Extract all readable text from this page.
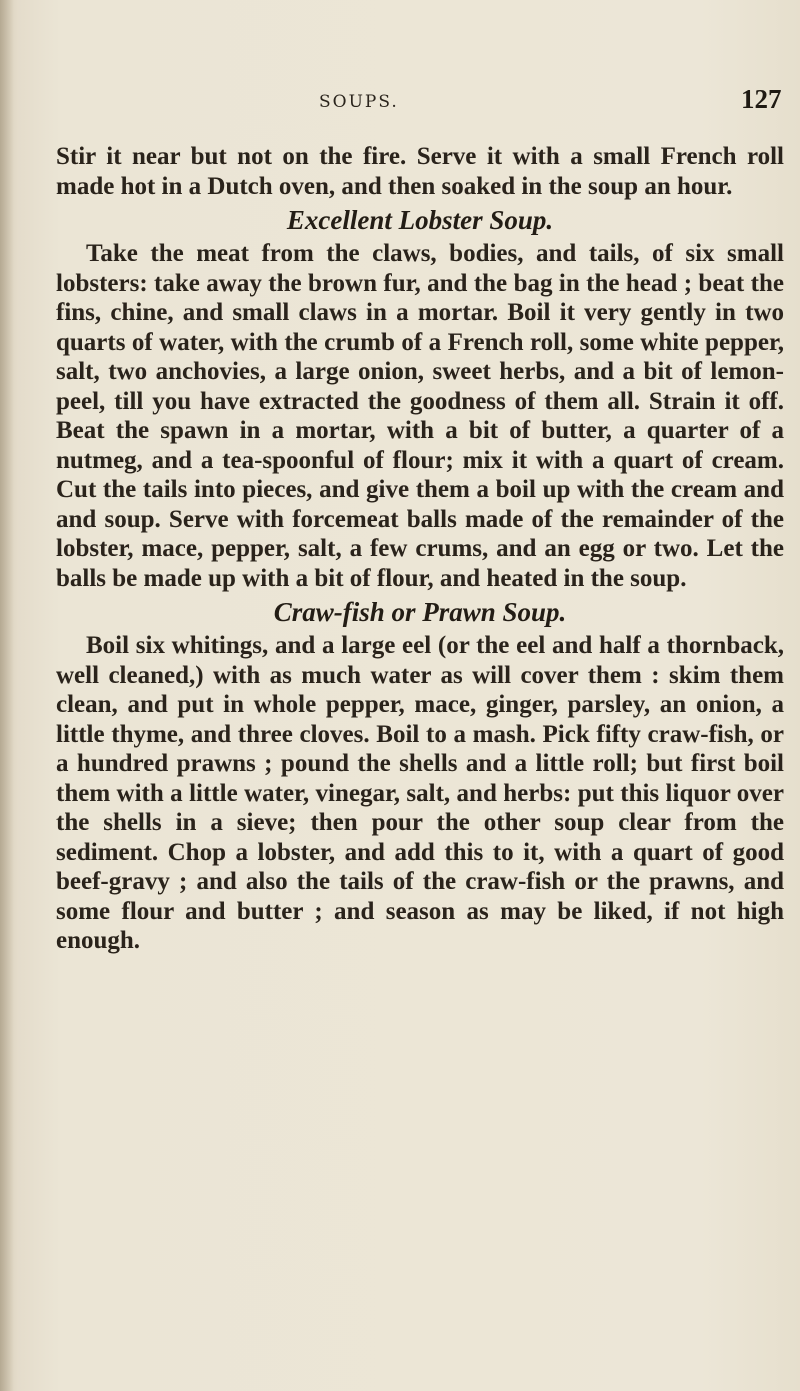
SOUPS.	127

Stir it near but not on the fire. Serve it with a small French roll made hot in a Dutch oven, and then soaked in the soup an hour.

Excellent Lobster Soup.

Take the meat from the claws, bodies, and tails, of six small lobsters: take away the brown fur, and the bag in the head ; beat the fins, chine, and small claws in a mortar. Boil it very gently in two quarts of water, with the crumb of a French roll, some white pepper, salt, two anchovies, a large onion, sweet herbs, and a bit of lemon-peel, till you have extracted the goodness of them all. Strain it off. Beat the spawn in a mortar, with a bit of butter, a quarter of a nutmeg, and a tea-spoonful of flour; mix it with a quart of cream. Cut the tails into pieces, and give them a boil up with the cream and and soup. Serve with forcemeat balls made of the remainder of the lobster, mace, pepper, salt, a few crums, and an egg or two. Let the balls be made up with a bit of flour, and heated in the soup.

Craw-fish or Prawn Soup.

Boil six whitings, and a large eel (or the eel and half a thornback, well cleaned,) with as much water as will cover them : skim them clean, and put in whole pepper, mace, ginger, parsley, an onion, a little thyme, and three cloves. Boil to a mash. Pick fifty craw-fish, or a hundred prawns ; pound the shells and a little roll; but first boil them with a little water, vinegar, salt, and herbs: put this liquor over the shells in a sieve; then pour the other soup clear from the sediment. Chop a lobster, and add this to it, with a quart of good beef-gravy ; and also the tails of the craw-fish or the prawns, and some flour and butter ; and season as may be liked, if not high enough.
